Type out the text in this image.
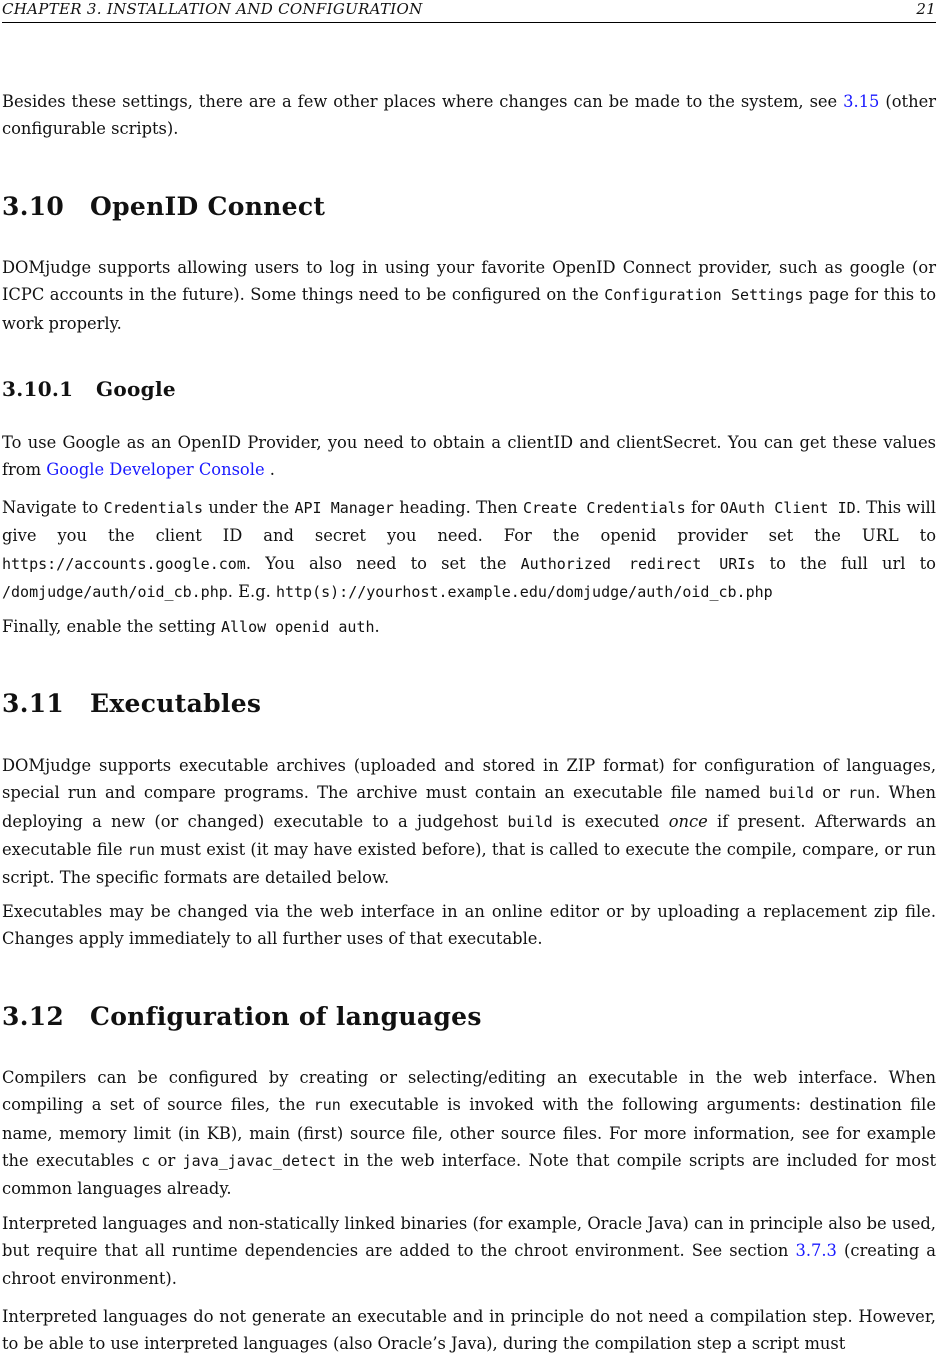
CHAPTER 3. INSTALLATION AND CONFIGURATION	21

Besides these settings, there are a few other places where changes can be made to the system, see 3.15 (other configurable scripts).

3.10 OpenID Connect

DOMjudge supports allowing users to log in using your favorite OpenID Connect provider, such as google (or ICPC accounts in the future). Some things need to be configured on the Configuration Settings page for this to work properly.

3.10.1 Google

To use Google as an OpenID Provider, you need to obtain a clientID and clientSecret. You can get these values from Google Developer Console .

Navigate to Credentials under the API Manager heading. Then Create Credentials for OAuth Client ID. This will give you the client ID and secret you need. For the openid provider set the URL to https://accounts.google.com. You also need to set the Authorized redirect URIs to the full url to /domjudge/auth/oid_cb.php. E.g. http(s)://yourhost.example.edu/domjudge/auth/oid_cb.php

Finally, enable the setting Allow openid auth.

3.11 Executables

DOMjudge supports executable archives (uploaded and stored in ZIP format) for configuration of languages, special run and compare programs. The archive must contain an executable file named build or run. When deploying a new (or changed) executable to a judgehost build is executed once if present. Afterwards an executable file run must exist (it may have existed before), that is called to execute the compile, compare, or run script. The specific formats are detailed below.

Executables may be changed via the web interface in an online editor or by uploading a replacement zip file. Changes apply immediately to all further uses of that executable.

3.12 Configuration of languages

Compilers can be configured by creating or selecting/editing an executable in the web interface. When compiling a set of source files, the run executable is invoked with the following arguments: destination file name, memory limit (in KB), main (first) source file, other source files. For more information, see for example the executables c or java_javac_detect in the web interface. Note that compile scripts are included for most common languages already.

Interpreted languages and non-statically linked binaries (for example, Oracle Java) can in principle also be used, but require that all runtime dependencies are added to the chroot environment. See section 3.7.3 (creating a chroot environment).

Interpreted languages do not generate an executable and in principle do not need a compilation step. However, to be able to use interpreted languages (also Oracle’s Java), during the compilation step a script must
